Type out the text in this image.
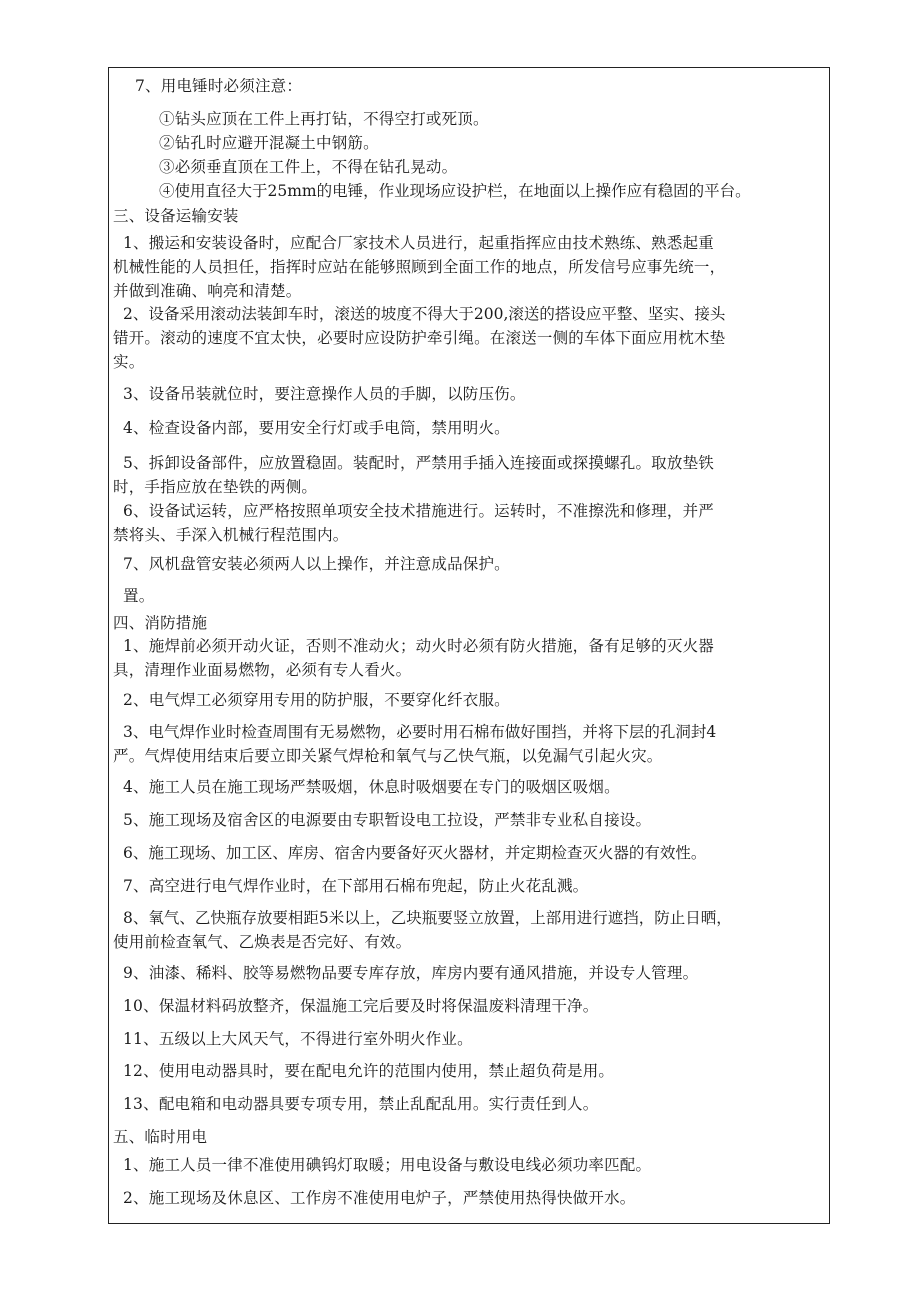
7、用电锤时必须注意：
①钻头应顶在工件上再打钻，不得空打或死顶。
②钻孔时应避开混凝土中钢筋。
③必须垂直顶在工件上，不得在钻孔晃动。
④使用直径大于25mm的电锤，作业现场应设护栏，在地面以上操作应有稳固的平台。
三、设备运输安装
1、搬运和安装设备时，应配合厂家技术人员进行，起重指挥应由技术熟练、熟悉起重
机械性能的人员担任，指挥时应站在能够照顾到全面工作的地点，所发信号应事先统一，
并做到准确、响亮和清楚。
2、设备采用滚动法装卸车时，滚送的坡度不得大于200,滚送的搭设应平整、坚实、接头
错开。滚动的速度不宜太快，必要时应设防护牵引绳。在滚送一侧的车体下面应用枕木垫
实。
3、设备吊装就位时，要注意操作人员的手脚，以防压伤。
4、检查设备内部，要用安全行灯或手电筒，禁用明火。
5、拆卸设备部件，应放置稳固。装配时，严禁用手插入连接面或探摸螺孔。取放垫铁
时，手指应放在垫铁的两侧。
6、设备试运转，应严格按照单项安全技术措施进行。运转时，不准擦洗和修理，并严
禁将头、手深入机械行程范围内。
7、风机盘管安装必须两人以上操作，并注意成品保护。
置。
四、消防措施
1、施焊前必须开动火证，否则不准动火；动火时必须有防火措施，备有足够的灭火器
具，清理作业面易燃物，必须有专人看火。
2、电气焊工必须穿用专用的防护服，不要穿化纤衣服。
3、电气焊作业时检查周围有无易燃物，必要时用石棉布做好围挡，并将下层的孔洞封4
严。气焊使用结束后要立即关紧气焊枪和氧气与乙快气瓶，以免漏气引起火灾。
4、施工人员在施工现场严禁吸烟，休息时吸烟要在专门的吸烟区吸烟。
5、施工现场及宿舍区的电源要由专职暂设电工拉设，严禁非专业私自接设。
6、施工现场、加工区、库房、宿舍内要备好灭火器材，并定期检查灭火器的有效性。
7、高空进行电气焊作业时，在下部用石棉布兜起，防止火花乱溅。
8、氧气、乙快瓶存放要相距5米以上，乙块瓶要竖立放置，上部用进行遮挡，防止日晒，
使用前检查氧气、乙焕表是否完好、有效。
9、油漆、稀料、胶等易燃物品要专库存放，库房内要有通风措施，并设专人管理。
10、保温材料码放整齐，保温施工完后要及时将保温废料清理干净。
11、五级以上大风天气，不得进行室外明火作业。
12、使用电动器具时，要在配电允许的范围内使用，禁止超负荷是用。
13、配电箱和电动器具要专项专用，禁止乱配乱用。实行责任到人。
五、临时用电
1、施工人员一律不准使用碘钨灯取暖；用电设备与敷设电线必须功率匹配。
2、施工现场及休息区、工作房不准使用电炉子，严禁使用热得快做开水。
